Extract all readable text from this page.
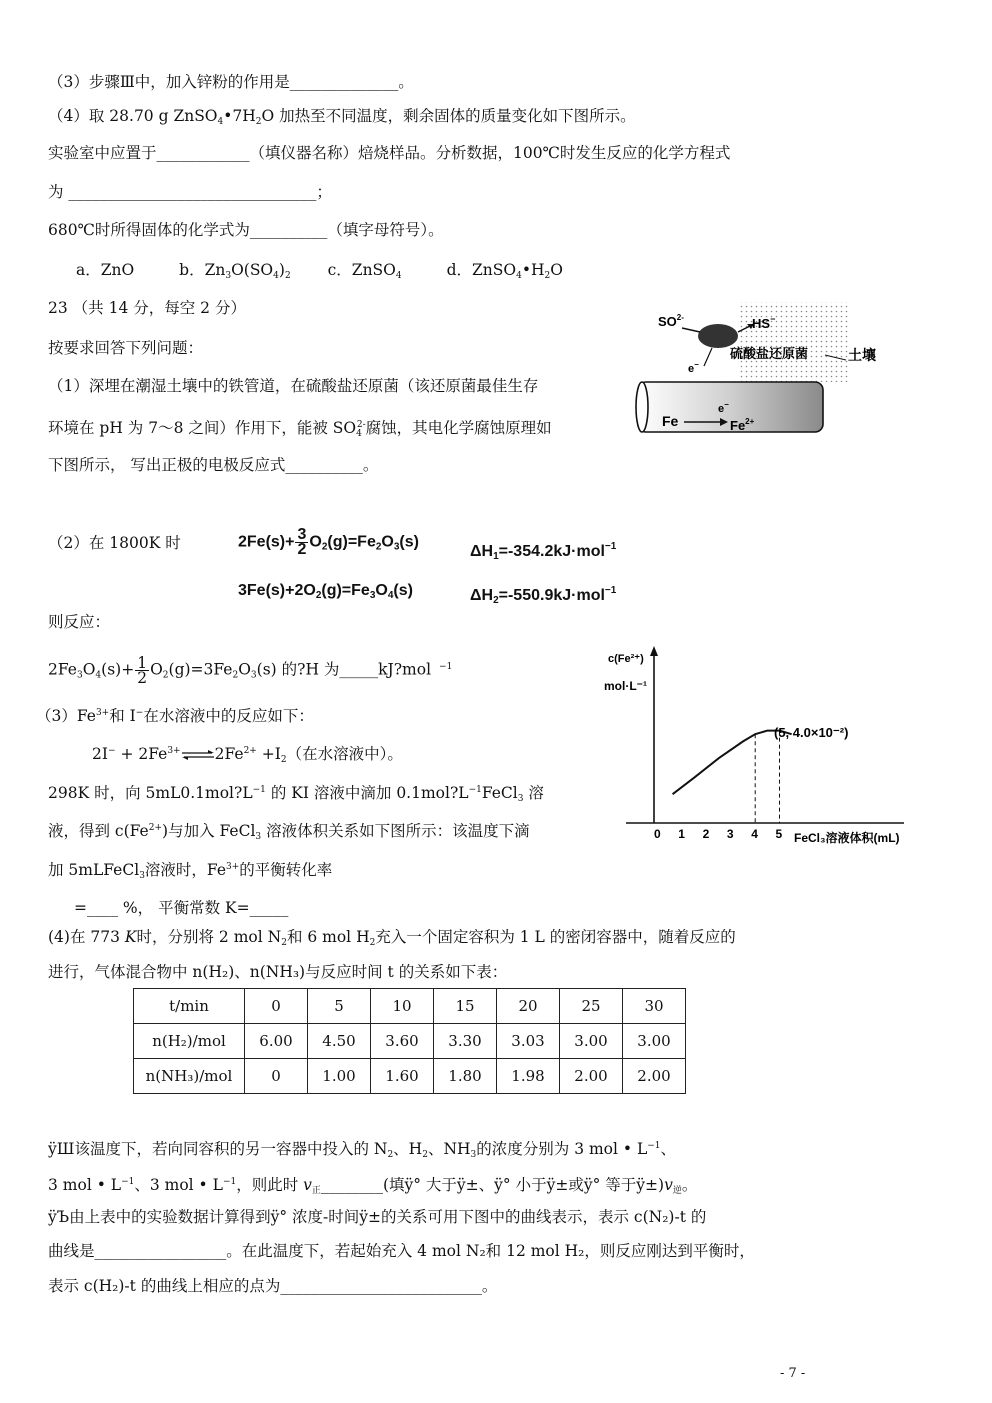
（3）步骤Ⅲ中，加入锌粉的作用是______________。
（4）取 28.70 g $ZnSO_4•7H_2O$ 加热至不同温度，剩余固体的质量变化如下图所示。
实验室中应置于____________（填仪器名称）焙烧样品。分析数据，100℃时发生反应的化学方程式
为 ________________________________；
680℃时所得固体的化学式为__________（填字母符号）。
a．ZnO	b．$Zn_3O(SO_4)_2$ c．ZnSO$_4$	d．$ZnSO_4•H_2O$
23 （共 14 分，每空 2 分）
按要求回答下列问题：
（1）深埋在潮湿土壤中的铁管道，在硫酸盐还原菌（该还原菌最佳生存
环境在 pH 为 7～8 之间）作用下，能被 $SO_4^{2-}$腐蚀，其电化学腐蚀原理如
下图所示， 写出正极的电极反应式__________。
$SO^{2-}$	HS−
硫酸盐还原菌
e−
土壤
Fe
e−
$Fe^{2+}$
（2）在 1800K 时	$2Fe(s)+ \frac{3}{2} O_2(g)=Fe_2O_3(s)$
$\Delta H_1=-354.2kJ\cdot mol^{-1}$
$3Fe(s)+2O_2(g)=Fe_3O_4(s)$	$\Delta H_2=-550.9kJ\cdot mol^{-1}$
则反应：
$2Fe_3O_4(s)+ \frac{1}{2} O_2(g)=3Fe_2O_3(s)$ 的?H 为_____kJ?mol $^{-1}$
$(3)Fe^{3+}$和 I−在水溶液中的反应如下：
$2I^- + 2Fe^{3+}\rightleftharpoons 2Fe^{2+} +I_2$（在水溶液中）。
298K 时，向 $5mL0.1mol?L^{-1}$ 的 KI 溶液中滴加 $0.1mol?L^{-1}FeCl_3$ 溶
液，得到 $c(Fe^{2+})$与加入 FeCl$_3$ 溶液体积关系如下图所示：该温度下滴
加 5mLFeCl$_3$溶液时，$Fe^{3+}$的平衡转化率
=____ %， 平衡常数 K=_____
c(Fe²⁺)
mol·L⁻¹
0 1 2 3 4 5
(5, 4.0×10⁻²)
FeCl₃溶液体积(mL)
(4)在 773 K时，分别将 2 mol $N_2$和 6 mol $H_2$充入一个固定容积为 1 L 的密闭容器中，随着反应的
进行，气体混合物中 n(H₂)、n(NH₃)与反应时间 t 的关系如下表：
t/min	0	5	10	15	20	25	30
n(H₂)/mol	6.00	4.50	3.60	3.30	3.03	3.00	3.00
n(NH₃)/mol	0	1.00	1.60	1.80	1.98	2.00	2.00
ÿШ该温度下，若向同容积的另一容器中投入的 $N_2$、$H_2$、$NH_3$的浓度分别为 3 mol • $L^{-1}$、
3 mol • $L^{-1}$、3 mol • $L^{-1}$，则此时 $v_正\_\_\_\_\_\_\_\_$(填ÿ° 大于ÿ±、ÿ° 小于ÿ±或ÿ° 等于$ÿ\pm)v_逆$。
ÿЪ由上表中的实验数据计算得到ÿ° 浓度-时间ÿ±的关系可用下图中的曲线表示，表示 c(N₂)-t 的
曲线是_________________。在此温度下，若起始充入 4 mol N₂和 12 mol H₂，则反应刚达到平衡时，
表示 c(H₂)-t 的曲线上相应的点为__________________________。
- 7 -
